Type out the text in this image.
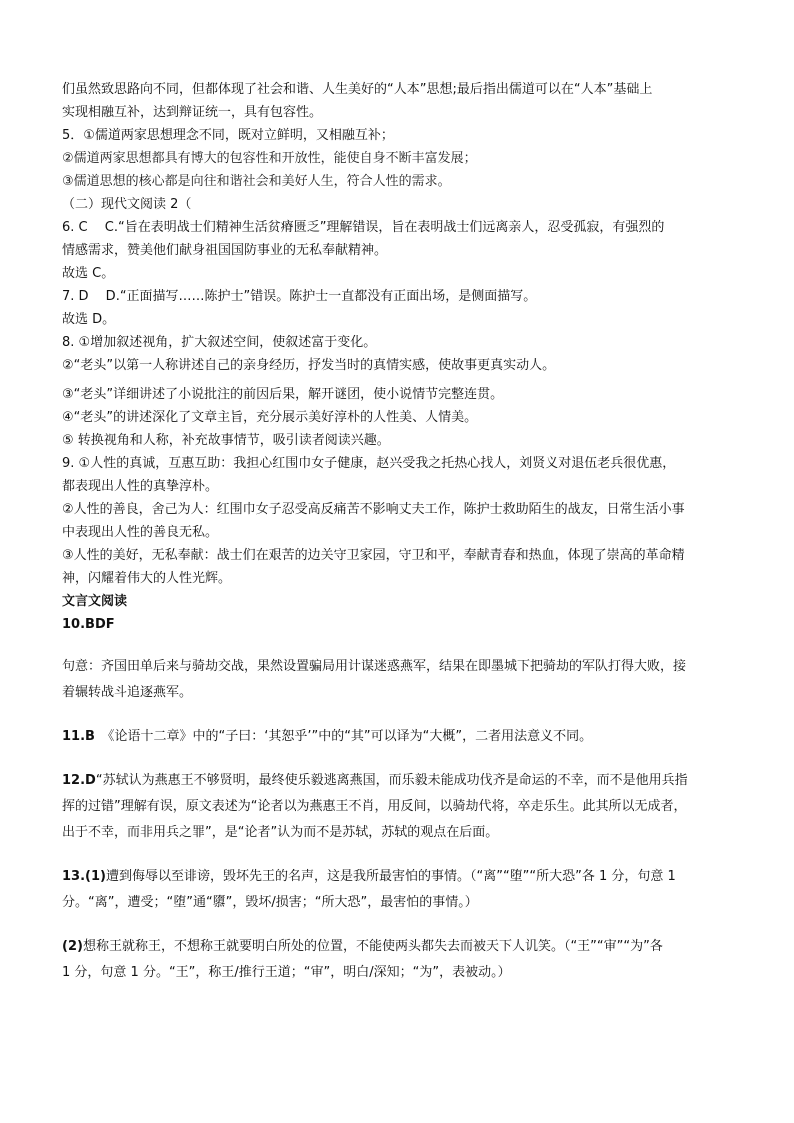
们虽然致思路向不同，但都体现了社会和谐、人生美好的“人本”思想;最后指出儒道可以在“人本”基础上
实现相融互补，达到辩证统一，具有包容性。
5．①儒道两家思想理念不同，既对立鲜明，又相融互补；
②儒道两家思想都具有博大的包容性和开放性，能使自身不断丰富发展；
③儒道思想的核心都是向往和谐社会和美好人生，符合人性的需求。
（二）现代文阅读 2（
6. C　 C.“旨在表明战士们精神生活贫瘠匮乏”理解错误，旨在表明战士们远离亲人，忍受孤寂，有强烈的
情感需求，赞美他们献身祖国国防事业的无私奉献精神。
故选 C。
7. D　 D.“正面描写……陈护士”错误。陈护士一直都没有正面出场，是侧面描写。
故选 D。
8. ①增加叙述视角，扩大叙述空间，使叙述富于变化。
②“老头”以第一人称讲述自己的亲身经历，抒发当时的真情实感，使故事更真实动人。
③“老头”详细讲述了小说批注的前因后果，解开谜团，使小说情节完整连贯。
④“老头”的讲述深化了文章主旨，充分展示美好淳朴的人性美、人情美。
⑤ 转换视角和人称，补充故事情节，吸引读者阅读兴趣。
9. ①人性的真诚，互惠互助：我担心红围巾女子健康，赵兴受我之托热心找人，刘贤义对退伍老兵很优惠，
都表现出人性的真挚淳朴。
②人性的善良，舍己为人：红围巾女子忍受高反痛苦不影响丈夫工作，陈护士救助陌生的战友，日常生活小事
中表现出人性的善良无私。
③人性的美好，无私奉献：战士们在艰苦的边关守卫家园，守卫和平，奉献青春和热血，体现了崇高的革命精
神，闪耀着伟大的人性光辉。
文言文阅读
10.BDF
句意：齐国田单后来与骑劫交战，果然设置骗局用计谋迷惑燕军，结果在即墨城下把骑劫的军队打得大败，接
着辗转战斗追逐燕军。
11.B　《论语十二章》中的“子曰：‘其恕乎’”中的“其”可以译为“大概”，二者用法意义不同。
12.D“苏轼认为燕惠王不够贤明，最终使乐毅逃离燕国，而乐毅未能成功伐齐是命运的不幸，而不是他用兵指
挥的过错”理解有误，原文表述为“论者以为燕惠王不肖，用反间，以骑劫代将，卒走乐生。此其所以无成者，
出于不幸，而非用兵之罪”，是“论者”认为而不是苏轼，苏轼的观点在后面。
13.(1)遭到侮辱以至诽谤，毁坏先王的名声，这是我所最害怕的事情。（“离”“堕”“所大恐”各 1 分，句意 1
分。“离”，遭受；“堕”通“隳”，毁坏/损害；“所大恐”，最害怕的事情。）
(2)想称王就称王，不想称王就要明白所处的位置，不能使两头都失去而被天下人讥笑。（“王”“审”“为”各
1 分，句意 1 分。“王”，称王/推行王道；“审”，明白/深知；“为”，表被动。）
